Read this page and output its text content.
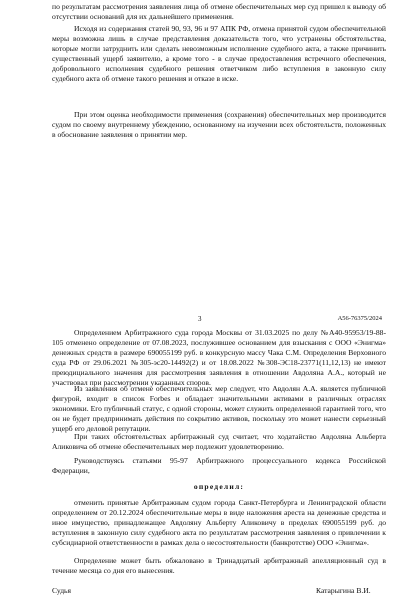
по результатам рассмотрения заявления лица об отмене обеспечительных мер суд пришел к выводу об отсутствии оснований для их дальнейшего применения.

Исходя из содержания статей 90, 93, 96 и 97 АПК РФ, отмена принятой судом обеспечительной меры возможна лишь в случае представления доказательств того, что устранены обстоятельства, которые могли затруднить или сделать невозможным исполнение судебного акта, а также причинить существенный ущерб заявителю, а кроме того - в случае предоставления встречного обеспечения, добровольного исполнения судебного решения ответчиком либо вступления в законную силу судебного акта об отмене такого решения и отказе в иске.

При этом оценка необходимости применения (сохранения) обеспечительных мер производится судом по своему внутреннему убеждению, основанному на изучении всех обстоятельств, положенных в обоснование заявления о принятии мер.

3	А56-76375/2024

Определением Арбитражного суда города Москвы от 31.03.2025 по делу №А40-95953/19-88-105 отменено определение от 07.08.2023, послужившее основанием для взыскания с ООО «Энигма» денежных средств в размере 690055199 руб. в конкурсную массу Чака С.М. Определения Верховного суда РФ от 29.06.2021 №305-эс20-14492(2) и от 18.08.2022 №308-ЭС18-23771(11,12,13) не имеют преюдициального значения для рассмотрения заявления в отношении Авдоляна А.А., который не участвовал при рассмотрении указанных споров.

Из заявления об отмене обеспечительных мер следует, что Авдолян А.А. является публичной фигурой, входит в список Forbes и обладает значительными активами в различных отраслях экономики. Его публичный статус, с одной стороны, может служить определенной гарантией того, что он не будет предпринимать действия по сокрытию активов, поскольку это может нанести серьезный ущерб его деловой репутации.

При таких обстоятельствах арбитражный суд считает, что ходатайство Авдоляна Альберта Аликовича об отмене обеспечительных мер подлежит удовлетворению.

Руководствуясь статьями 95-97 Арбитражного процессуального кодекса Российской Федерации,

определил:

отменить принятые Арбитражным судом города Санкт-Петербурга и Ленинградской области определением от 20.12.2024 обеспечительные меры в виде наложения ареста на денежные средства и иное имущество, принадлежащее Авдоляну Альберту Аликовичу в пределах 690055199 руб. до вступления в законную силу судебного акта по результатам рассмотрения заявления о привлечении к субсидиарной ответственности в рамках дела о несостоятельности (банкротстве) ООО «Энигма».

Определение может быть обжаловано в Тринадцатый арбитражный апелляционный суд в течение месяца со дня его вынесения.

Судья	Катарыгина В.И.
